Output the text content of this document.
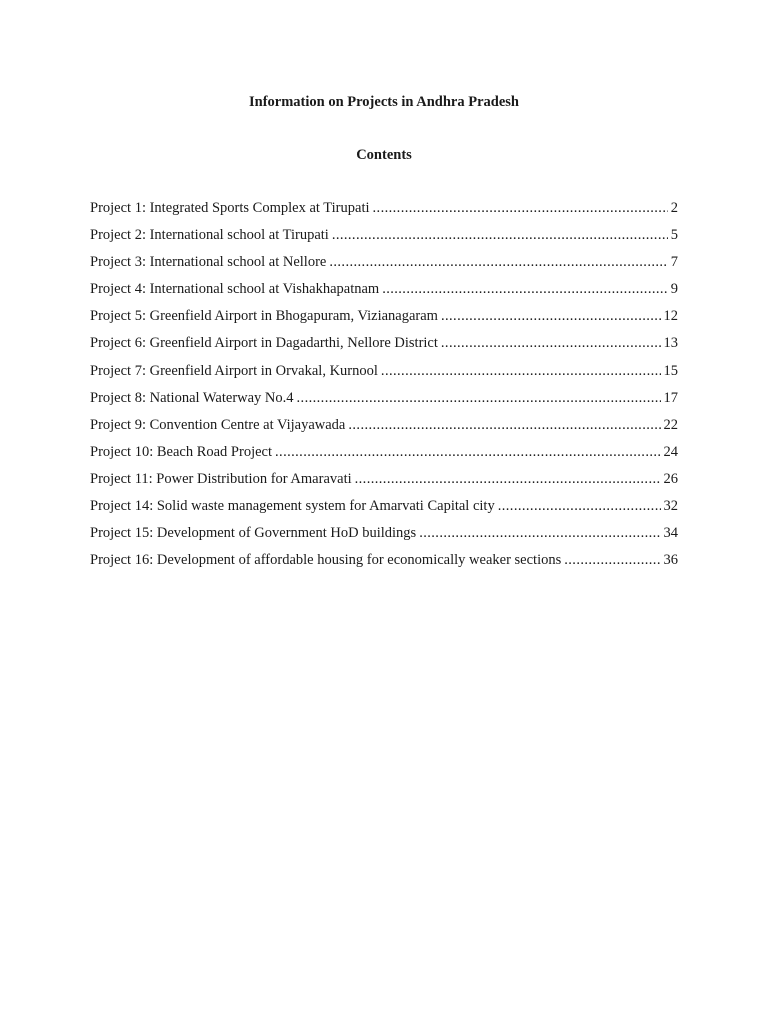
Information on Projects in Andhra Pradesh
Contents
Project 1: Integrated Sports Complex at Tirupati .....	2
Project 2: International school at Tirupati .....	5
Project 3: International school at Nellore .....	7
Project 4: International school at Vishakhapatnam .....	9
Project 5: Greenfield Airport in Bhogapuram, Vizianagaram .....	12
Project 6: Greenfield Airport in Dagadarthi, Nellore District .....	13
Project 7: Greenfield Airport in Orvakal, Kurnool .....	15
Project 8: National Waterway No.4 .....	17
Project 9: Convention Centre at Vijayawada .....	22
Project 10: Beach Road Project .....	24
Project 11: Power Distribution for Amaravati .....	26
Project 14: Solid waste management system for Amarvati Capital city .....	32
Project 15: Development of Government HoD buildings .....	34
Project 16: Development of affordable housing for economically weaker sections .....	36
